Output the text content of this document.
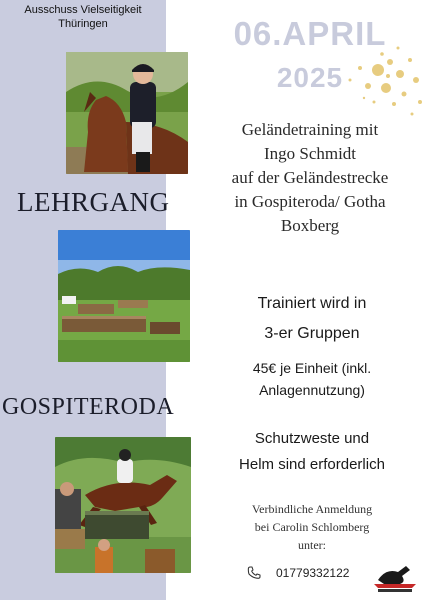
Ausschuss Vielseitigkeit
Thüringen
LEHRGANG
GOSPITERODA
06.APRIL
2025
Geländetraining mit
Ingo Schmidt
auf der Geländestrecke
in Gospiteroda/ Gotha
Boxberg
Trainiert wird in
3-er Gruppen
45€ je Einheit (inkl.
Anlagennutzung)
Schutzweste und
Helm sind erforderlich
Verbindliche Anmeldung
bei Carolin Schlomberg
unter:
01779332122
